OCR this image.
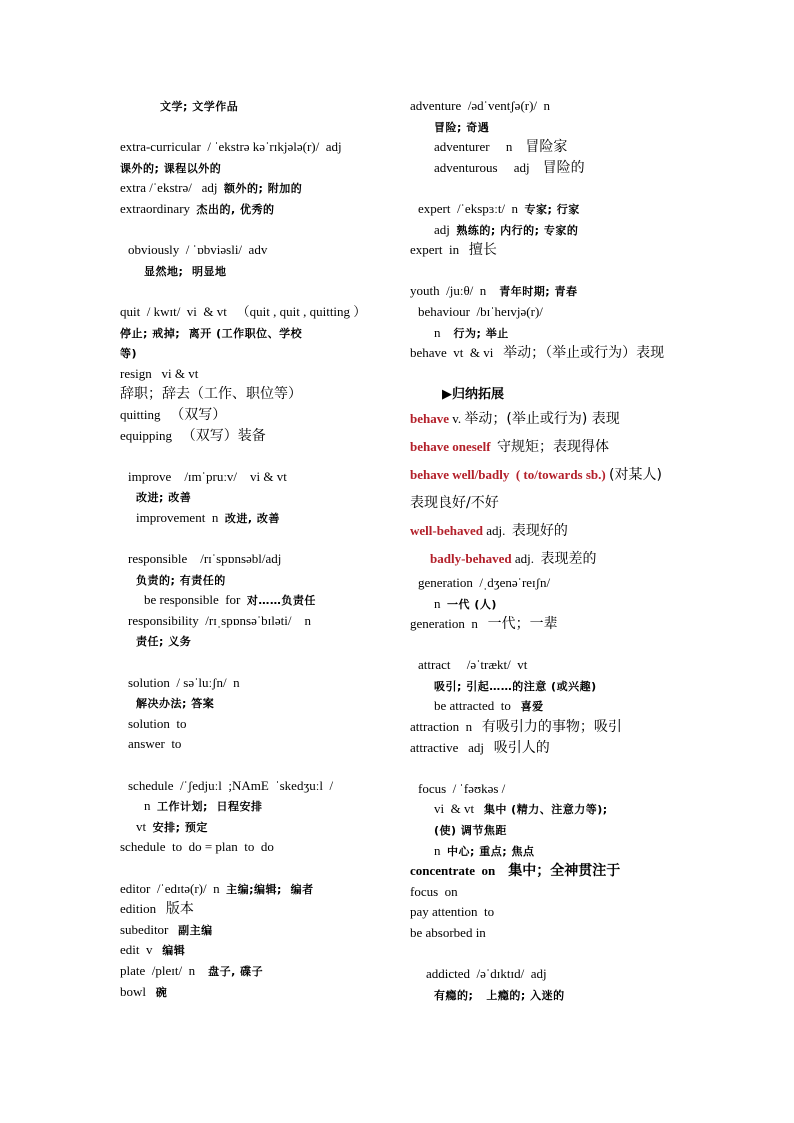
文学; 文学作品
extra-curricular  / ˈekstrə kəˈrɪkjələ(r)/  adj
课外的; 课程以外的
extra /ˈekstrə/   adj  额外的; 附加的
extraordinary  杰出的, 优秀的
obviously  / ˈɒbviəsli/  adv
显然地;  明显地
quit  / kwɪt/  vi  & vt   （quit , quit , quitting ）
停止; 戒掉;  离开 (工作职位、学校
等)
resign   vi & vt  辞职；辞去（工作、职位等）
quitting   （双写）
equipping   （双写）装备
improve    /ɪmˈpruːv/    vi & vt
改进; 改善
improvement  n  改进, 改善
responsible    /rɪˈspɒnsəbl/adj
负责的; 有责任的
be responsible  for  对……负责任
responsibility  /rɪˌspɒnsəˈbɪləti/    n
责任; 义务
solution  / səˈluːʃn/  n
解决办法; 答案
solution  to
answer  to
schedule  /ˈʃedjuːl  ;NAmE  ˈskedʒuːl  /
n  工作计划;  日程安排
vt  安排; 预定
schedule  to  do = plan  to  do
editor  /ˈedɪtə(r)/  n  主编;编辑;  编者
edition   版本
subeditor   副主编
edit  v   编辑
plate  /pleɪt/  n    盘子, 碟子
bowl   碗
adventure  /ədˈventʃə(r)/  n
冒险; 奇遇
adventurer     n    冒险家
adventurous     adj    冒险的
expert  /ˈekspɜːt/  n  专家; 行家
adj  熟练的; 内行的; 专家的
expert  in   擅长
youth  /juːθ/  n    青年时期; 青春
behaviour  /bɪˈheɪvjə(r)/
n    行为; 举止
behave  vt  & vi   举动；（举止或行为）表现
▶归纳拓展
behave v. 举动；(举止或行为) 表现
behave oneself 守规矩；表现得体
behave well/badly  ( to/towards sb.) (对某人)
表现良好/不好
well-behaved adj.  表现好的
badly-behaved adj.  表现差的
generation  /ˌdʒenəˈreɪʃn/
n  一代 (人)
generation  n   一代；一辈
attract     /əˈtrækt/  vt
吸引; 引起……的注意 (或兴趣)
be attracted  to   喜爱
attraction  n   有吸引力的事物；吸引
attractive   adj   吸引人的
focus  / ˈfəʊkəs /
vi  & vt   集中 (精力、注意力等);
(使) 调节焦距
n  中心; 重点; 焦点
concentrate  on    集中；全神贯注于
focus  on
pay attention  to
be absorbed in
addicted  /əˈdɪktɪd/  adj
有瘾的;   上瘾的; 入迷的
